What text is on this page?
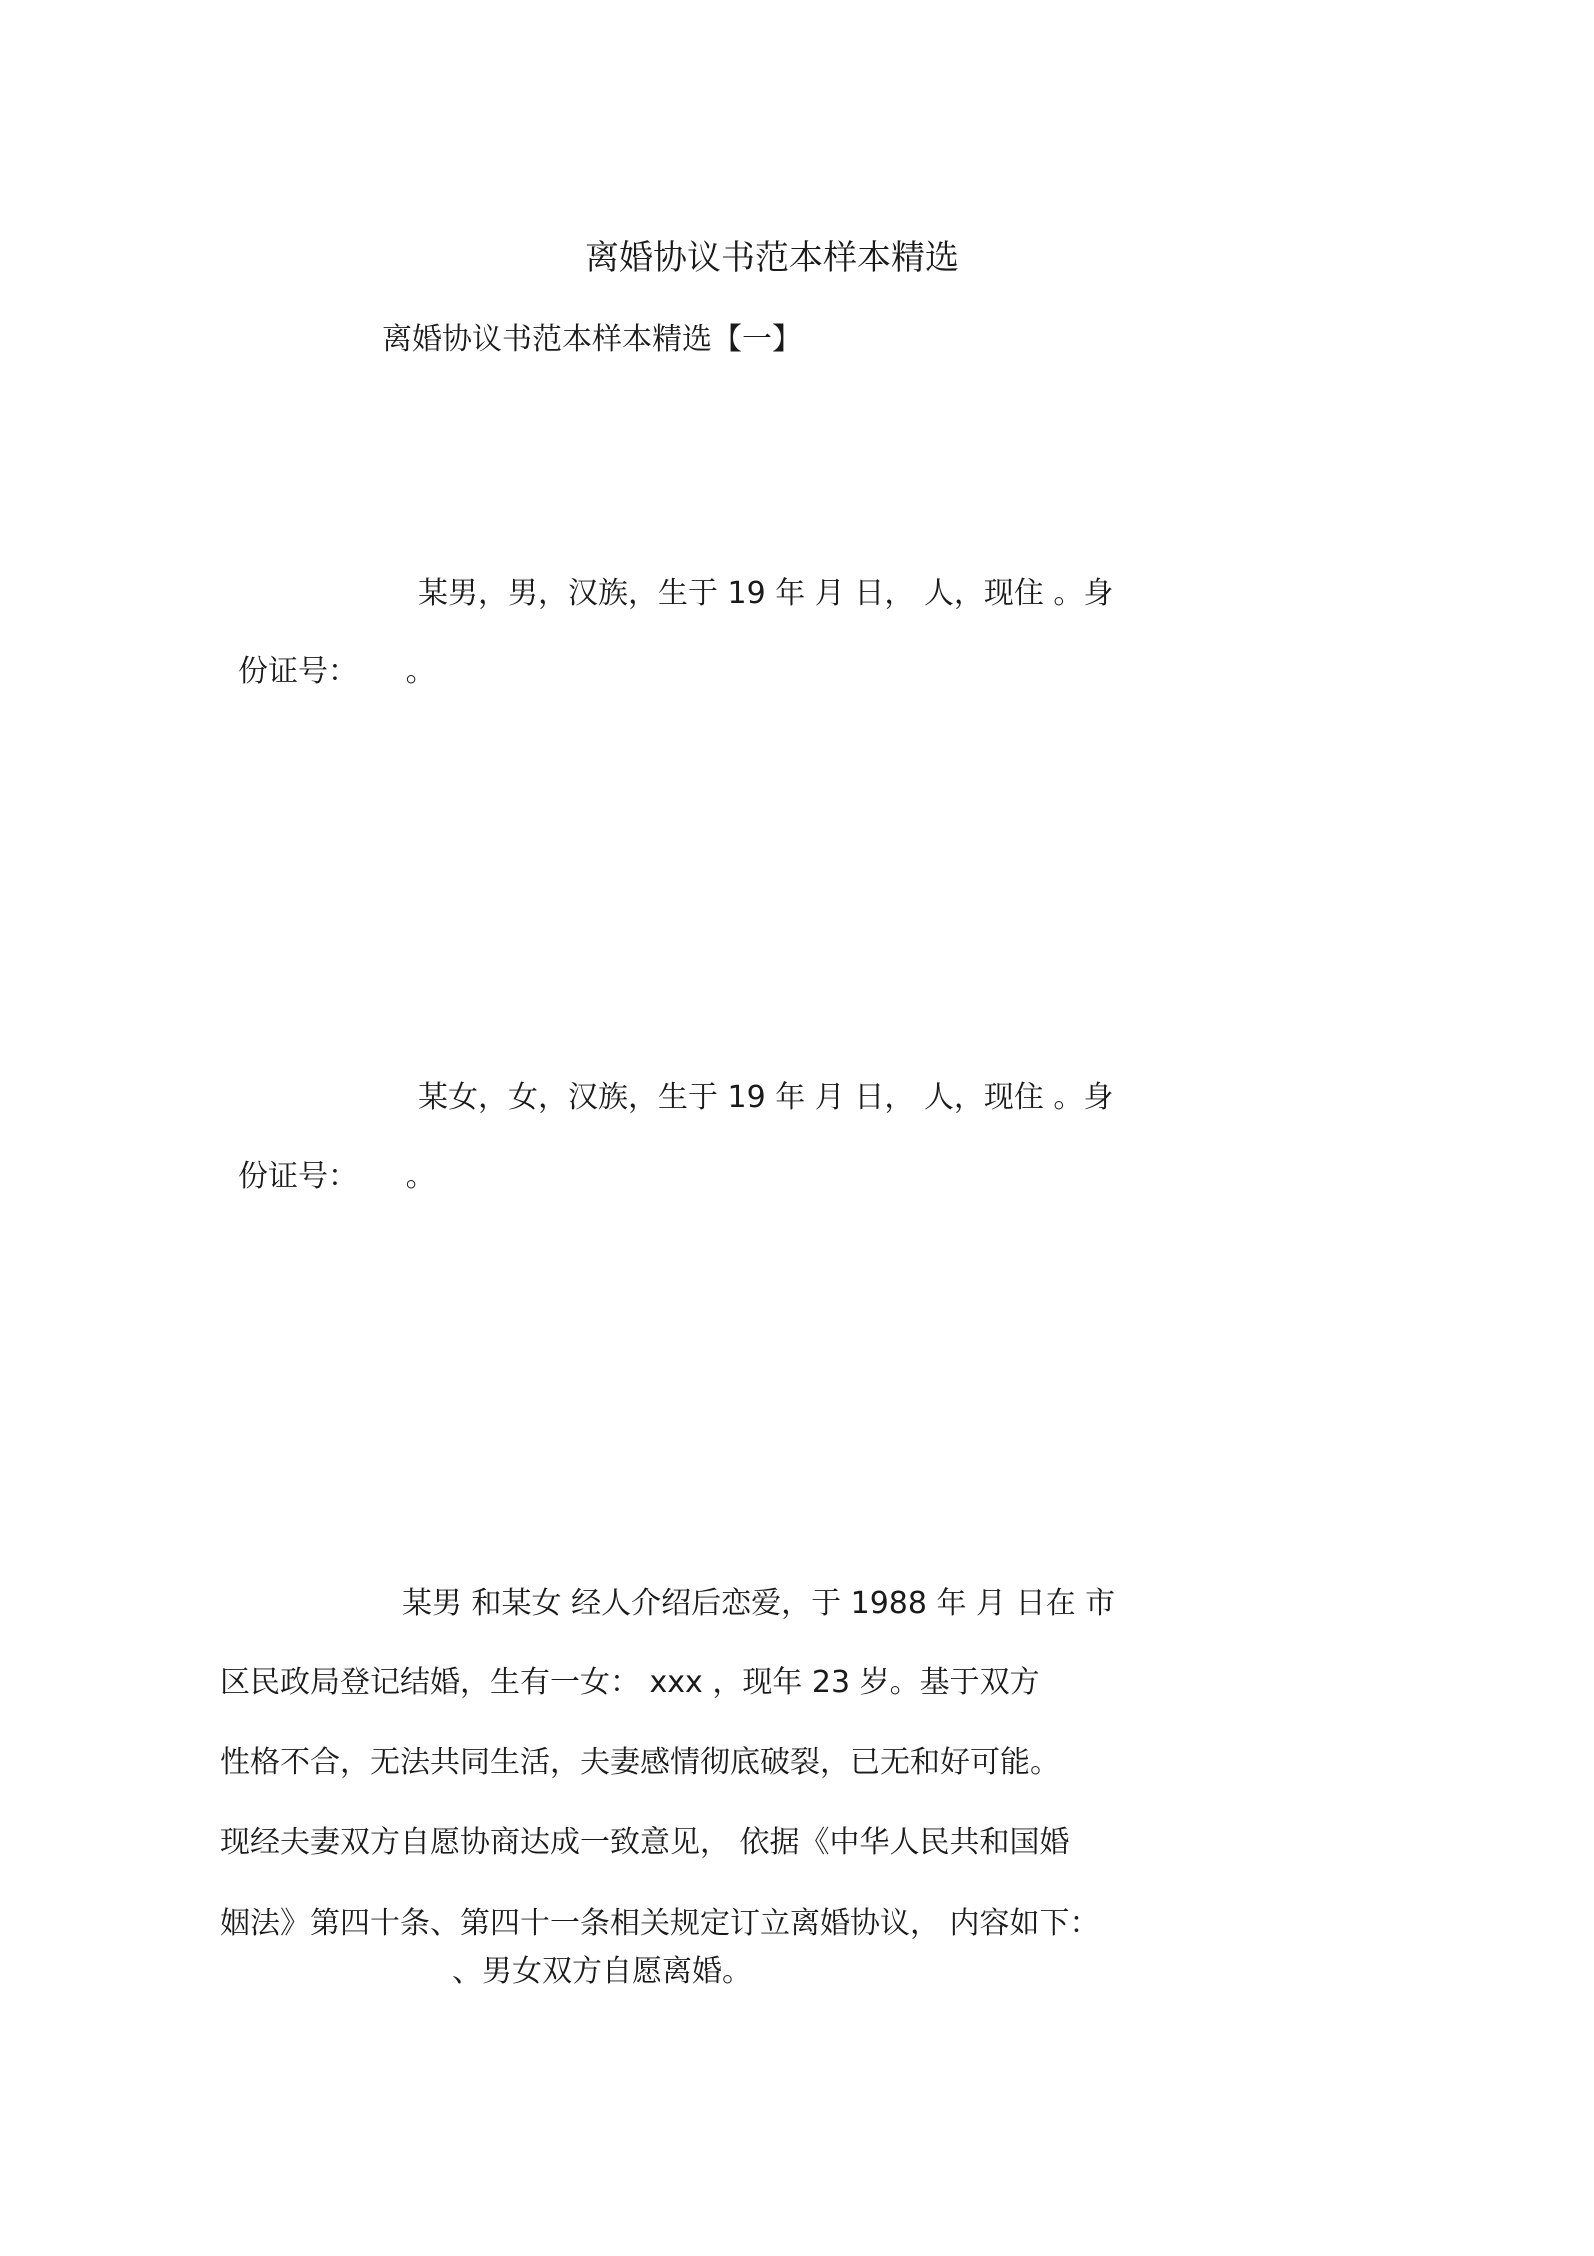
离婚协议书范本样本精选
离婚协议书范本样本精选【一】
某男，男，汉族，生于 19 年 月 日， 人，现住 。身
份证号：     。
某女，女，汉族，生于 19 年 月 日， 人，现住 。身
份证号：     。
某男 和某女 经人介绍后恋爱，于 1988 年 月 日在 市
区民政局登记结婚，生有一女： xxx ，现年 23 岁。基于双方
性格不合，无法共同生活，夫妻感情彻底破裂，已无和好可能。
现经夫妻双方自愿协商达成一致意见， 依据《中华人民共和国婚
姻法》第四十条、第四十一条相关规定订立离婚协议， 内容如下：
、男女双方自愿离婚。
